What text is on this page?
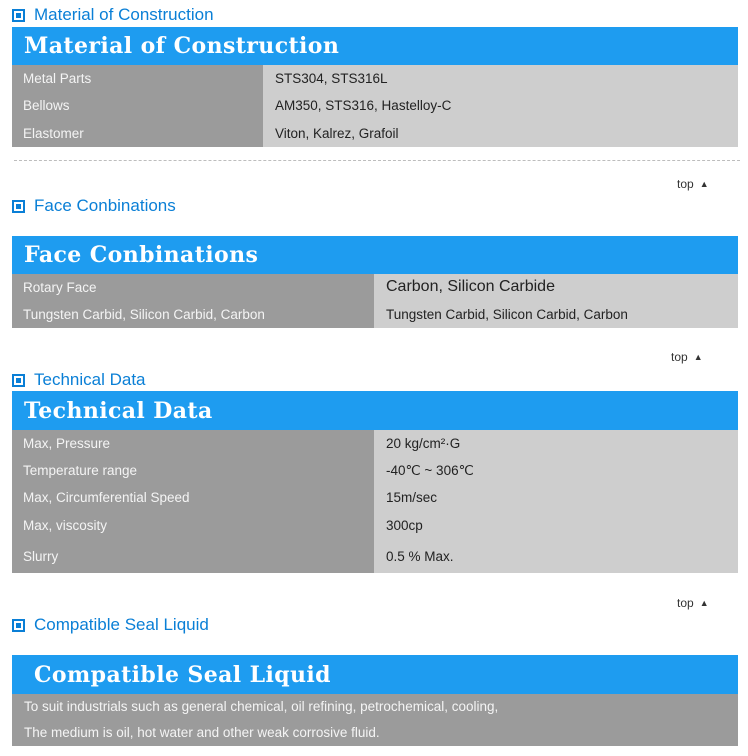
Material of Construction
Material of Construction
Metal Parts	STS304, STS316L
Bellows	AM350, STS316, Hastelloy-C
Elastomer	Viton, Kalrez, Grafoil
top ▲
Face Conbinations
Face Conbinations
Rotary Face	Carbon, Silicon Carbide
Tungsten Carbid, Silicon Carbid, Carbon	Tungsten Carbid, Silicon Carbid, Carbon
top ▲
Technical Data
Technical Data
Max, Pressure	20 kg/cm²·G
Temperature range	-40℃ ~ 306℃
Max, Circumferential Speed	15m/sec
Max, viscosity	300cp
Slurry	0.5 % Max.
top ▲
Compatible Seal Liquid
Compatible Seal Liquid
To suit industrials such as general chemical, oil refining, petrochemical, cooling,
The medium is oil, hot water and other weak corrosive fluid.
